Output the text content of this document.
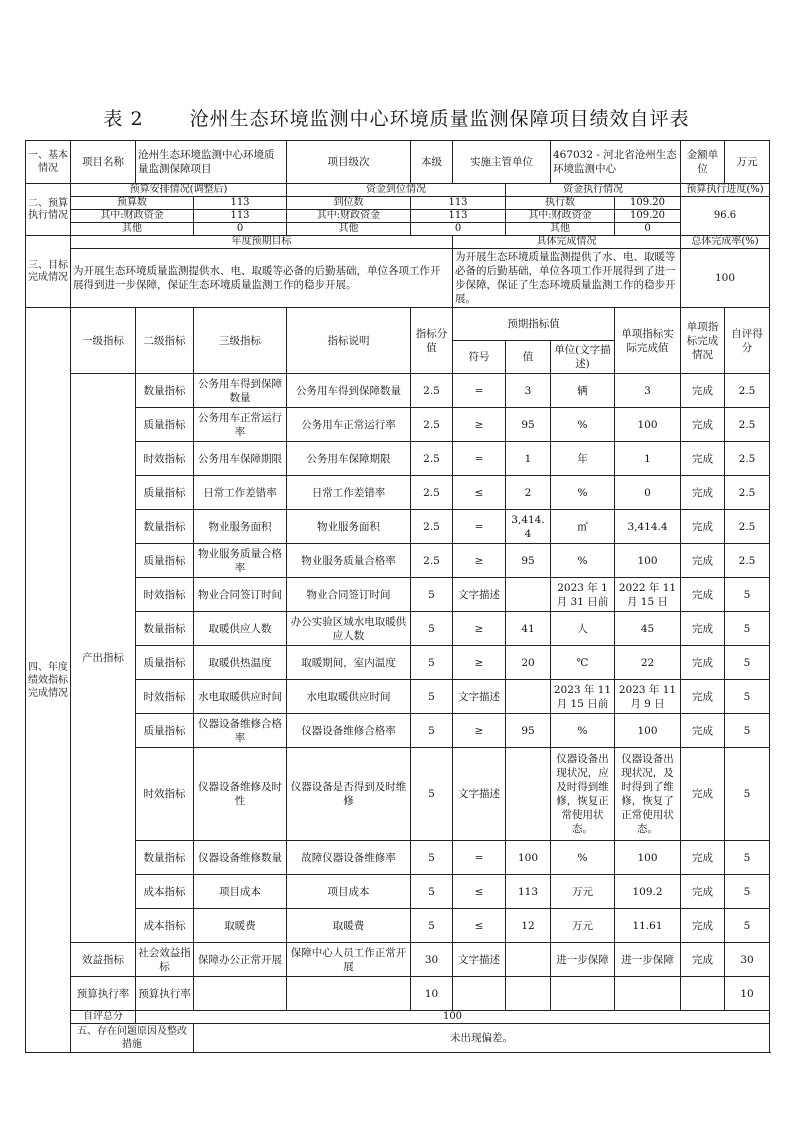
表 2 沧州生态环境监测中心环境质量监测保障项目绩效自评表
一、基本情况	项目名称	沧州生态环境监测中心环境质量监测保障项目		项目级次	本级	实施主管单位		467032 - 河北省沧州生态环境监测中心		金额单位	万元
二、预算执行情况	预算安排情况(调整后)			资金到位情况			资金执行情况			预算执行进度(%)	
	预算数		113	到位数	113		执行数		109.20	96.6	
	其中:财政资金		113	其中:财政资金	113		其中:财政资金		109.20		
	其他		0	其他	0		其他		0		
三、目标完成情况	年度预期目标					具体完成情况				总体完成率(%)	
	为开展生态环境质量监测提供水、电、取暖等必备的后勤基础，单位各项工作开展得到进一步保障，保证生态环境质量监测工作的稳步开展。					为开展生态环境质量监测提供了水、电、取暖等必备的后勤基础，单位各项工作开展得到了进一步保障，保证了生态环境质量监测工作的稳步开展。				100	
四、年度绩效指标完成情况	一级指标	二级指标	三级指标	指标说明	指标分值	预期指标值			单项指标实际完成值	单项指标完成情况	自评得分
						符号	值	单位(文字描述)			
	产出指标	数量指标	公务用车得到保障数量	公务用车得到保障数量	2.5	=	3	辆	3	完成	2.5
		质量指标	公务用车正常运行率	公务用车正常运行率	2.5	≥	95	%	100	完成	2.5
		时效指标	公务用车保障期限	公务用车保障期限	2.5	=	1	年	1	完成	2.5
		质量指标	日常工作差错率	日常工作差错率	2.5	≤	2	%	0	完成	2.5
		数量指标	物业服务面积	物业服务面积	2.5	=	3,414.4	㎡	3,414.4	完成	2.5
		质量指标	物业服务质量合格率	物业服务质量合格率	2.5	≥	95	%	100	完成	2.5
		时效指标	物业合同签订时间	物业合同签订时间	5	文字描述		2023 年 1 月 31 日前	2022 年 11 月 15 日	完成	5
		数量指标	取暖供应人数	办公实验区域水电取暖供应人数	5	≥	41	人	45	完成	5
		质量指标	取暖供热温度	取暖期间，室内温度	5	≥	20	℃	22	完成	5
		时效指标	水电取暖供应时间	水电取暖供应时间	5	文字描述		2023 年 11 月 15 日前	2023 年 11 月 9 日	完成	5
		质量指标	仪器设备维修合格率	仪器设备维修合格率	5	≥	95	%	100	完成	5
		时效指标	仪器设备维修及时性	仪器设备是否得到及时维修	5	文字描述		仪器设备出现状况，应及时得到维修，恢复正常使用状态。	仪器设备出现状况，及时得到了维修，恢复了正常使用状态。	完成	5
		数量指标	仪器设备维修数量	故障仪器设备维修率	5	=	100	%	100	完成	5
		成本指标	项目成本	项目成本	5	≤	113	万元	109.2	完成	5
		成本指标	取暖费	取暖费	5	≤	12	万元	11.61	完成	5
	效益指标	社会效益指标	保障办公正常开展	保障中心人员工作正常开展	30	文字描述		进一步保障	进一步保障	完成	30
	预算执行率	预算执行率			10						10
	自评总分	100									
	五、存在问题原因及整改措施		未出现偏差。								
